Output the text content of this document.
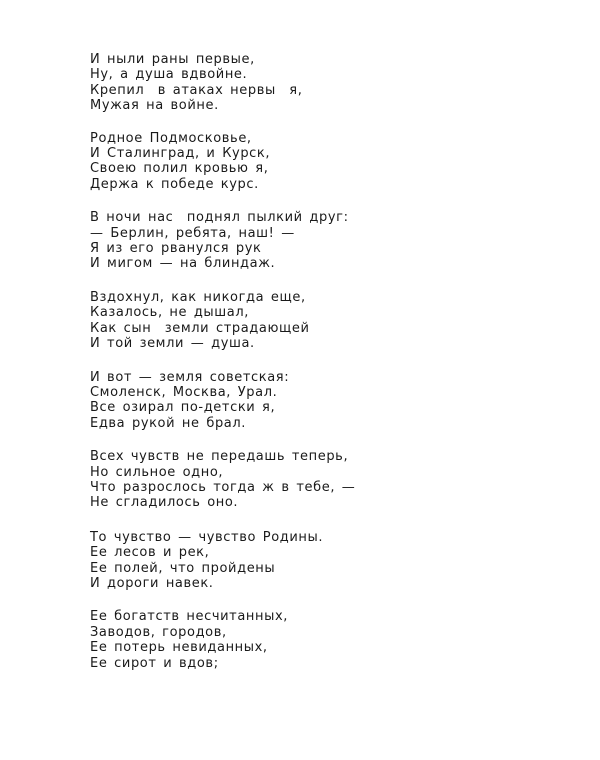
И ныли раны первые,
Ну, а душа вдвойне.
Крепил  в атаках нервы  я,
Мужая на войне.
Родное Подмосковье,
И Сталинград, и Курск,
Своею полил кровью я,
Держа к победе курс.
В ночи нас  поднял пылкий друг:
— Берлин, ребята, наш! —
Я из его рванулся рук
И мигом — на блиндаж.
Вздохнул, как никогда еще,
Казалось, не дышал,
Как сын  земли страдающей
И той земли — душа.
И вот — земля советская:
Смоленск, Москва, Урал.
Все озирал по-детски я,
Едва рукой не брал.
Всех чувств не передашь теперь,
Но сильное одно,
Что разрослось тогда ж в тебе, —
Не сгладилось оно.
То чувство — чувство Родины.
Ее лесов и рек,
Ее полей, что пройдены
И дороги навек.
Ее богатств несчитанных,
Заводов, городов,
Ее потерь невиданных,
Ее сирот и вдов;
